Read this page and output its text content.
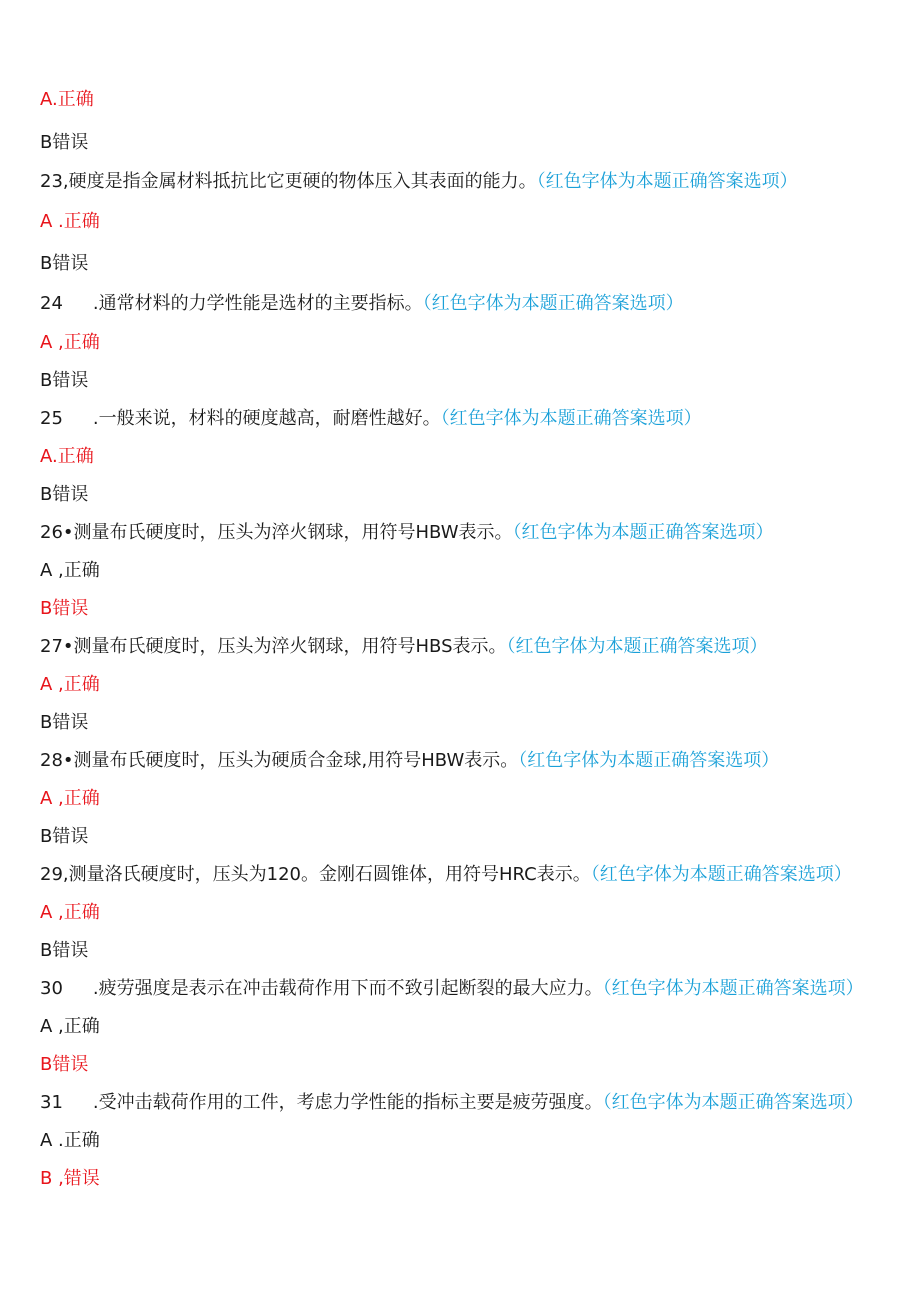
A.正确
B错误
23,硬度是指金属材料抵抗比它更硬的物体压入其表面的能力。（红色字体为本题正确答案选项）
A .正确
B错误
24 .通常材料的力学性能是选材的主要指标。（红色字体为本题正确答案选项）
A ,正确
B错误
25 .一般来说，材料的硬度越高，耐磨性越好。（红色字体为本题正确答案选项）
A.正确
B错误
26•测量布氏硬度时，压头为淬火钢球，用符号HBW表示。（红色字体为本题正确答案选项）
A ,正确
B错误
27•测量布氏硬度时，压头为淬火钢球，用符号HBS表示。（红色字体为本题正确答案选项）
A ,正确
B错误
28•测量布氏硬度时，压头为硬质合金球,用符号HBW表示。（红色字体为本题正确答案选项）
A ,正确
B错误
29,测量洛氏硬度时，压头为120。金刚石圆锥体，用符号HRC表示。（红色字体为本题正确答案选项）
A ,正确
B错误
30 .疲劳强度是表示在冲击载荷作用下而不致引起断裂的最大应力。（红色字体为本题正确答案选项）
A ,正确
B错误
31 .受冲击载荷作用的工件，考虑力学性能的指标主要是疲劳强度。（红色字体为本题正确答案选项）
A .正确
B ,错误
